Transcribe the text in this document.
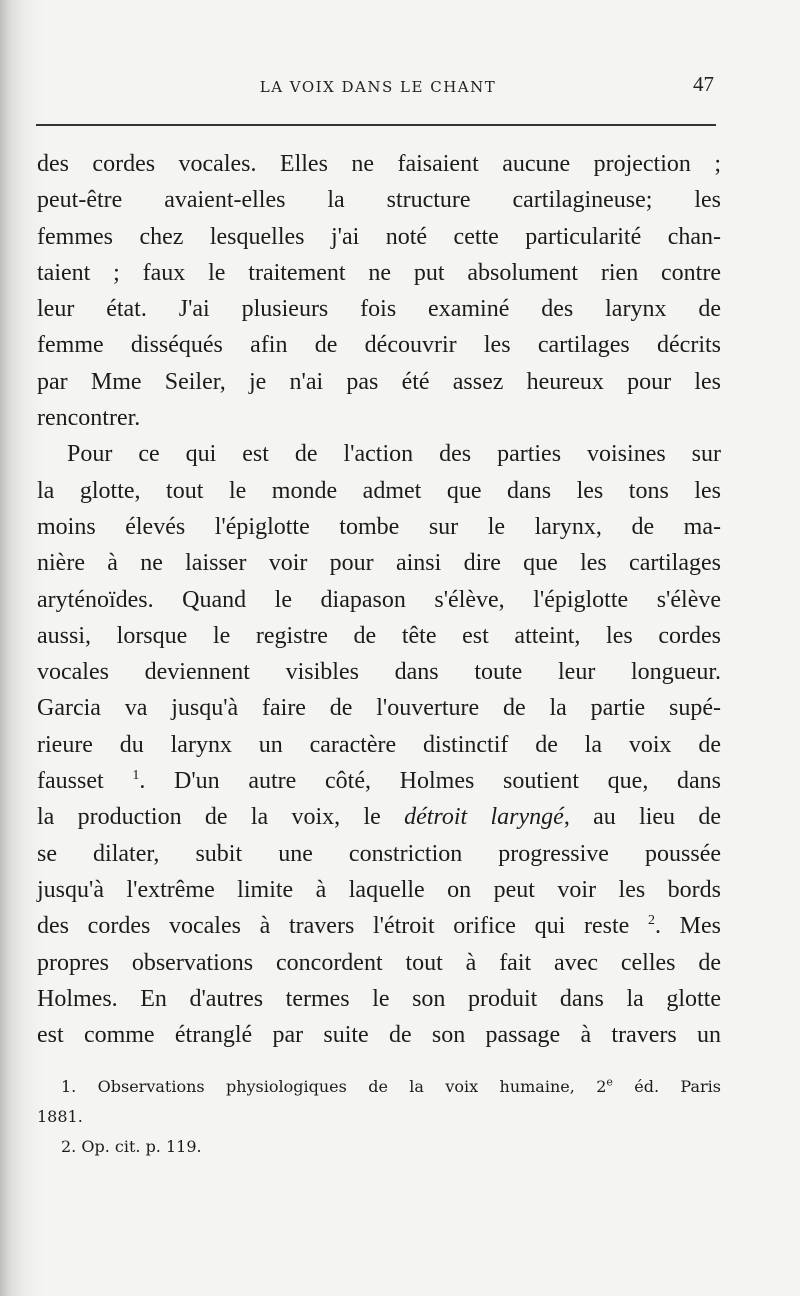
LA VOIX DANS LE CHANT	47
des cordes vocales. Elles ne faisaient aucune projection ;
peut-être avaient-elles la structure cartilagineuse; les
femmes chez lesquelles j'ai noté cette particularité chan-
taient ; faux le traitement ne put absolument rien contre
leur état. J'ai plusieurs fois examiné des larynx de
femme disséqués afin de découvrir les cartilages décrits
par Mme Seiler, je n'ai pas été assez heureux pour les
rencontrer.
Pour ce qui est de l'action des parties voisines sur
la glotte, tout le monde admet que dans les tons les
moins élevés l'épiglotte tombe sur le larynx, de ma-
nière à ne laisser voir pour ainsi dire que les cartilages
aryténoïdes. Quand le diapason s'élève, l'épiglotte s'élève
aussi, lorsque le registre de tête est atteint, les cordes
vocales deviennent visibles dans toute leur longueur.
Garcia va jusqu'à faire de l'ouverture de la partie supé-
rieure du larynx un caractère distinctif de la voix de
fausset $^1$. D'un autre côté, Holmes soutient que, dans
la production de la voix, le détroit laryngé, au lieu de
se dilater, subit une constriction progressive poussée
jusqu'à l'extrême limite à laquelle on peut voir les bords
des cordes vocales à travers l'étroit orifice qui reste $^2$. Mes
propres observations concordent tout à fait avec celles de
Holmes. En d'autres termes le son produit dans la glotte
est comme étranglé par suite de son passage à travers un
1. Observations physiologiques de la voix humaine, 2e éd. Paris
1881.
2. Op. cit. p. 119.
